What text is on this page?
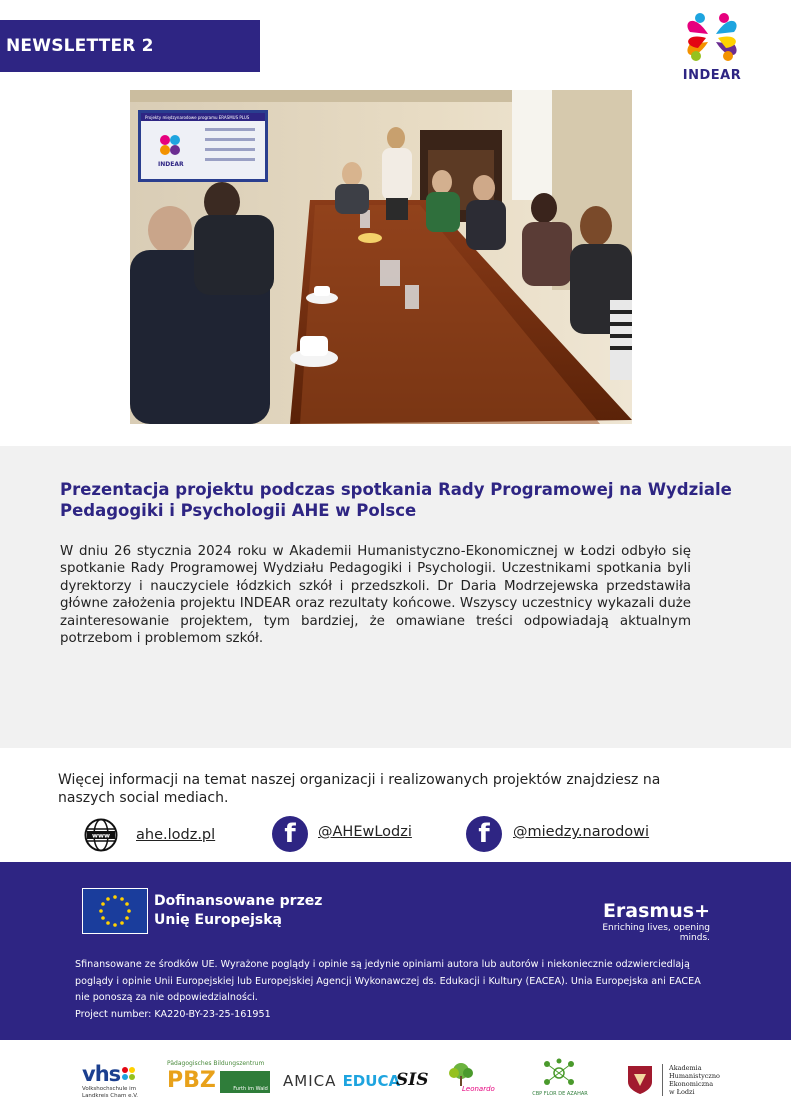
NEWSLETTER 2
INDEAR
Projekty międzynarodowe programu ERASMUS PLUS
INDEAR
Prezentacja projektu podczas spotkania Rady Programowej na Wydziale Pedagogiki i Psychologii AHE w Polsce
W dniu 26 stycznia 2024 roku w Akademii Humanistyczno-Ekonomicznej w Łodzi odbyło się spotkanie Rady Programowej Wydziału Pedagogiki i Psychologii. Uczestnikami spotkania byli dyrektorzy i nauczyciele łódzkich szkół i przedszkoli. Dr Daria Modrzejewska przedstawiła główne założenia projektu INDEAR oraz rezultaty końcowe. Wszyscy uczestnicy wykazali duże zainteresowanie projektem, tym bardziej, że omawiane treści odpowiadają aktualnym potrzebom i problemom szkół.
Więcej informacji na temat naszej organizacji i realizowanych projektów znajdziesz na naszych social mediach.
www ahe.lodz.pl	f	@AHEwLodzi	f	@miedzy.narodowi
Dofinansowane przez
Unię Europejską	Erasmus+
Enriching lives, opening minds.
Sfinansowane ze środków UE. Wyrażone poglądy i opinie są jedynie opiniami autora lub autorów i niekoniecznie odzwierciedlają poglądy i opinie Unii Europejskiej lub Europejskiej Agencji Wykonawczej ds. Edukacji i Kultury (EACEA). Unia Europejska ani EACEA nie ponoszą za nie odpowiedzialności.
Project number: KA220-BY-23-25-161951
vhs
Volkshochschule im Landkreis Cham e.V.
Pädagogisches Bildungszentrum
PBZ	Furth im Wald AMICA EDUCA
SIS	Leonardo
CBP FLOR DE AZAHAR
Akademia
Humanistyczno
Ekonomiczna
w Łodzi
